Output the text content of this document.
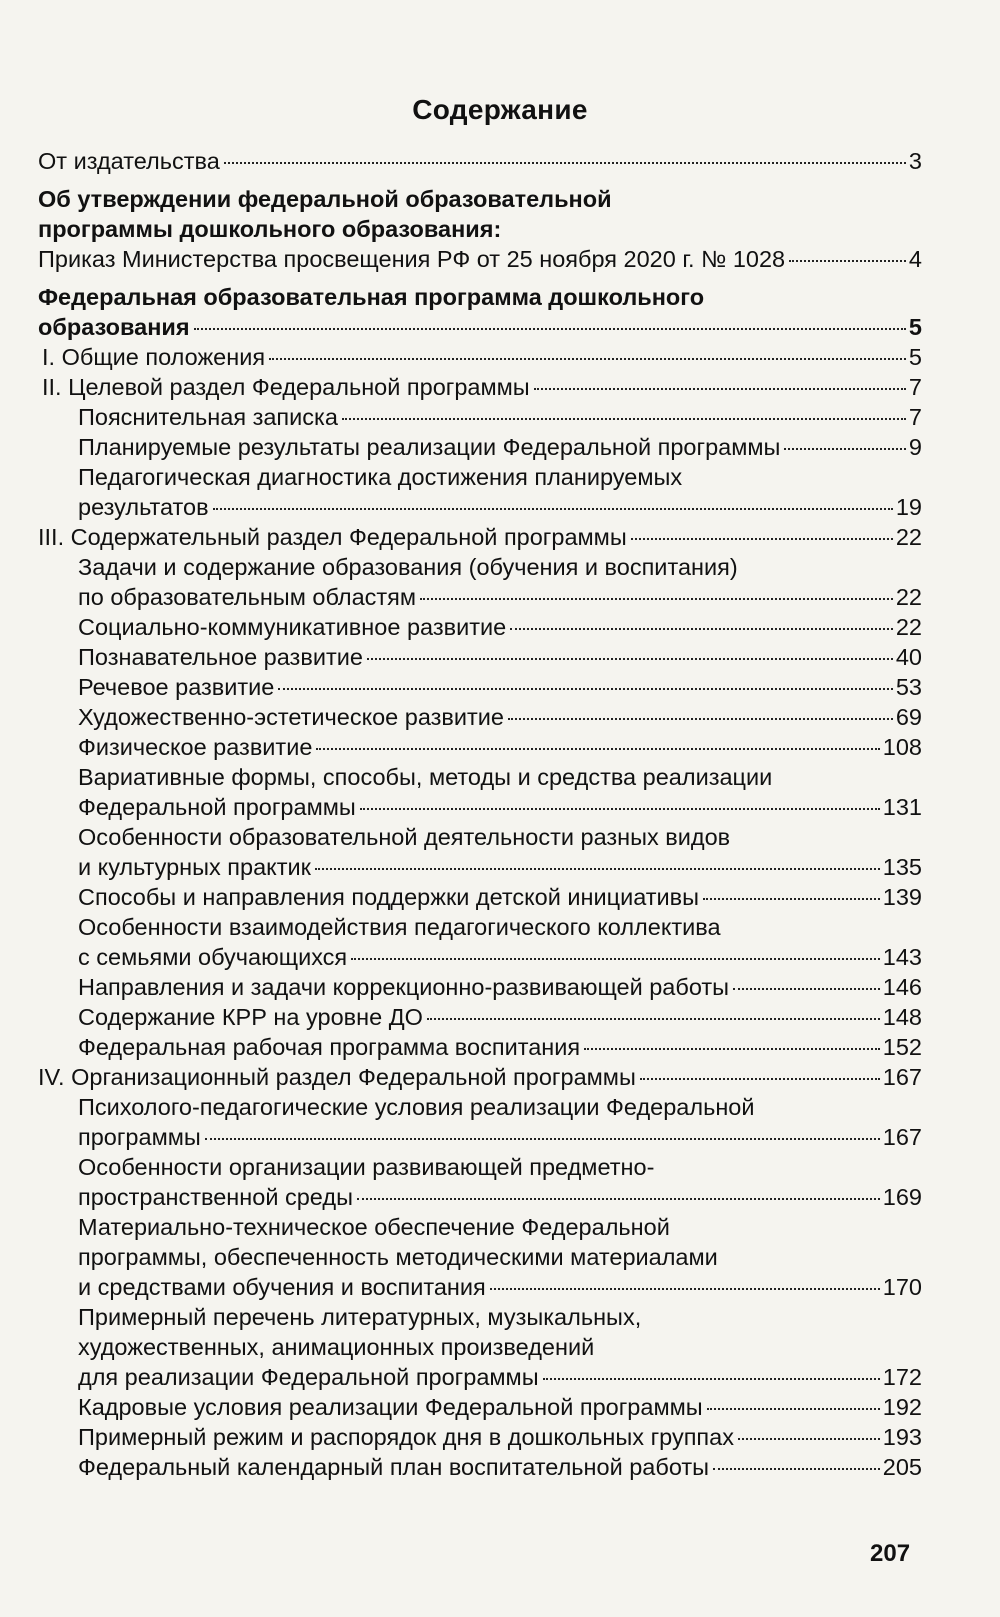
Содержание
От издательства	3
Об утверждении федеральной образовательной
программы дошкольного образования:
Приказ Министерства просвещения РФ от 25 ноября 2020 г. № 1028	4
Федеральная образовательная программа дошкольного
образования	5
I. Общие положения	5
II. Целевой раздел Федеральной программы	7
Пояснительная записка	7
Планируемые результаты реализации Федеральной программы	9
Педагогическая диагностика достижения планируемых
результатов	19
III. Содержательный раздел Федеральной программы	22
Задачи и содержание образования (обучения и воспитания)
по образовательным областям	22
Социально-коммуникативное развитие	22
Познавательное развитие	40
Речевое развитие	53
Художественно-эстетическое развитие	69
Физическое развитие	108
Вариативные формы, способы, методы и средства реализации
Федеральной программы	131
Особенности образовательной деятельности разных видов
и культурных практик	135
Способы и направления поддержки детской инициативы	139
Особенности взаимодействия педагогического коллектива
с семьями обучающихся	143
Направления и задачи коррекционно-развивающей работы	146
Содержание КРР на уровне ДО	148
Федеральная рабочая программа воспитания	152
IV. Организационный раздел Федеральной программы	167
Психолого-педагогические условия реализации Федеральной
программы	167
Особенности организации развивающей предметно-
пространственной среды	169
Материально-техническое обеспечение Федеральной
программы, обеспеченность методическими материалами
и средствами обучения и воспитания	170
Примерный перечень литературных, музыкальных,
художественных, анимационных произведений
для реализации Федеральной программы	172
Кадровые условия реализации Федеральной программы	192
Примерный режим и распорядок дня в дошкольных группах	193
Федеральный календарный план воспитательной работы	205
207
